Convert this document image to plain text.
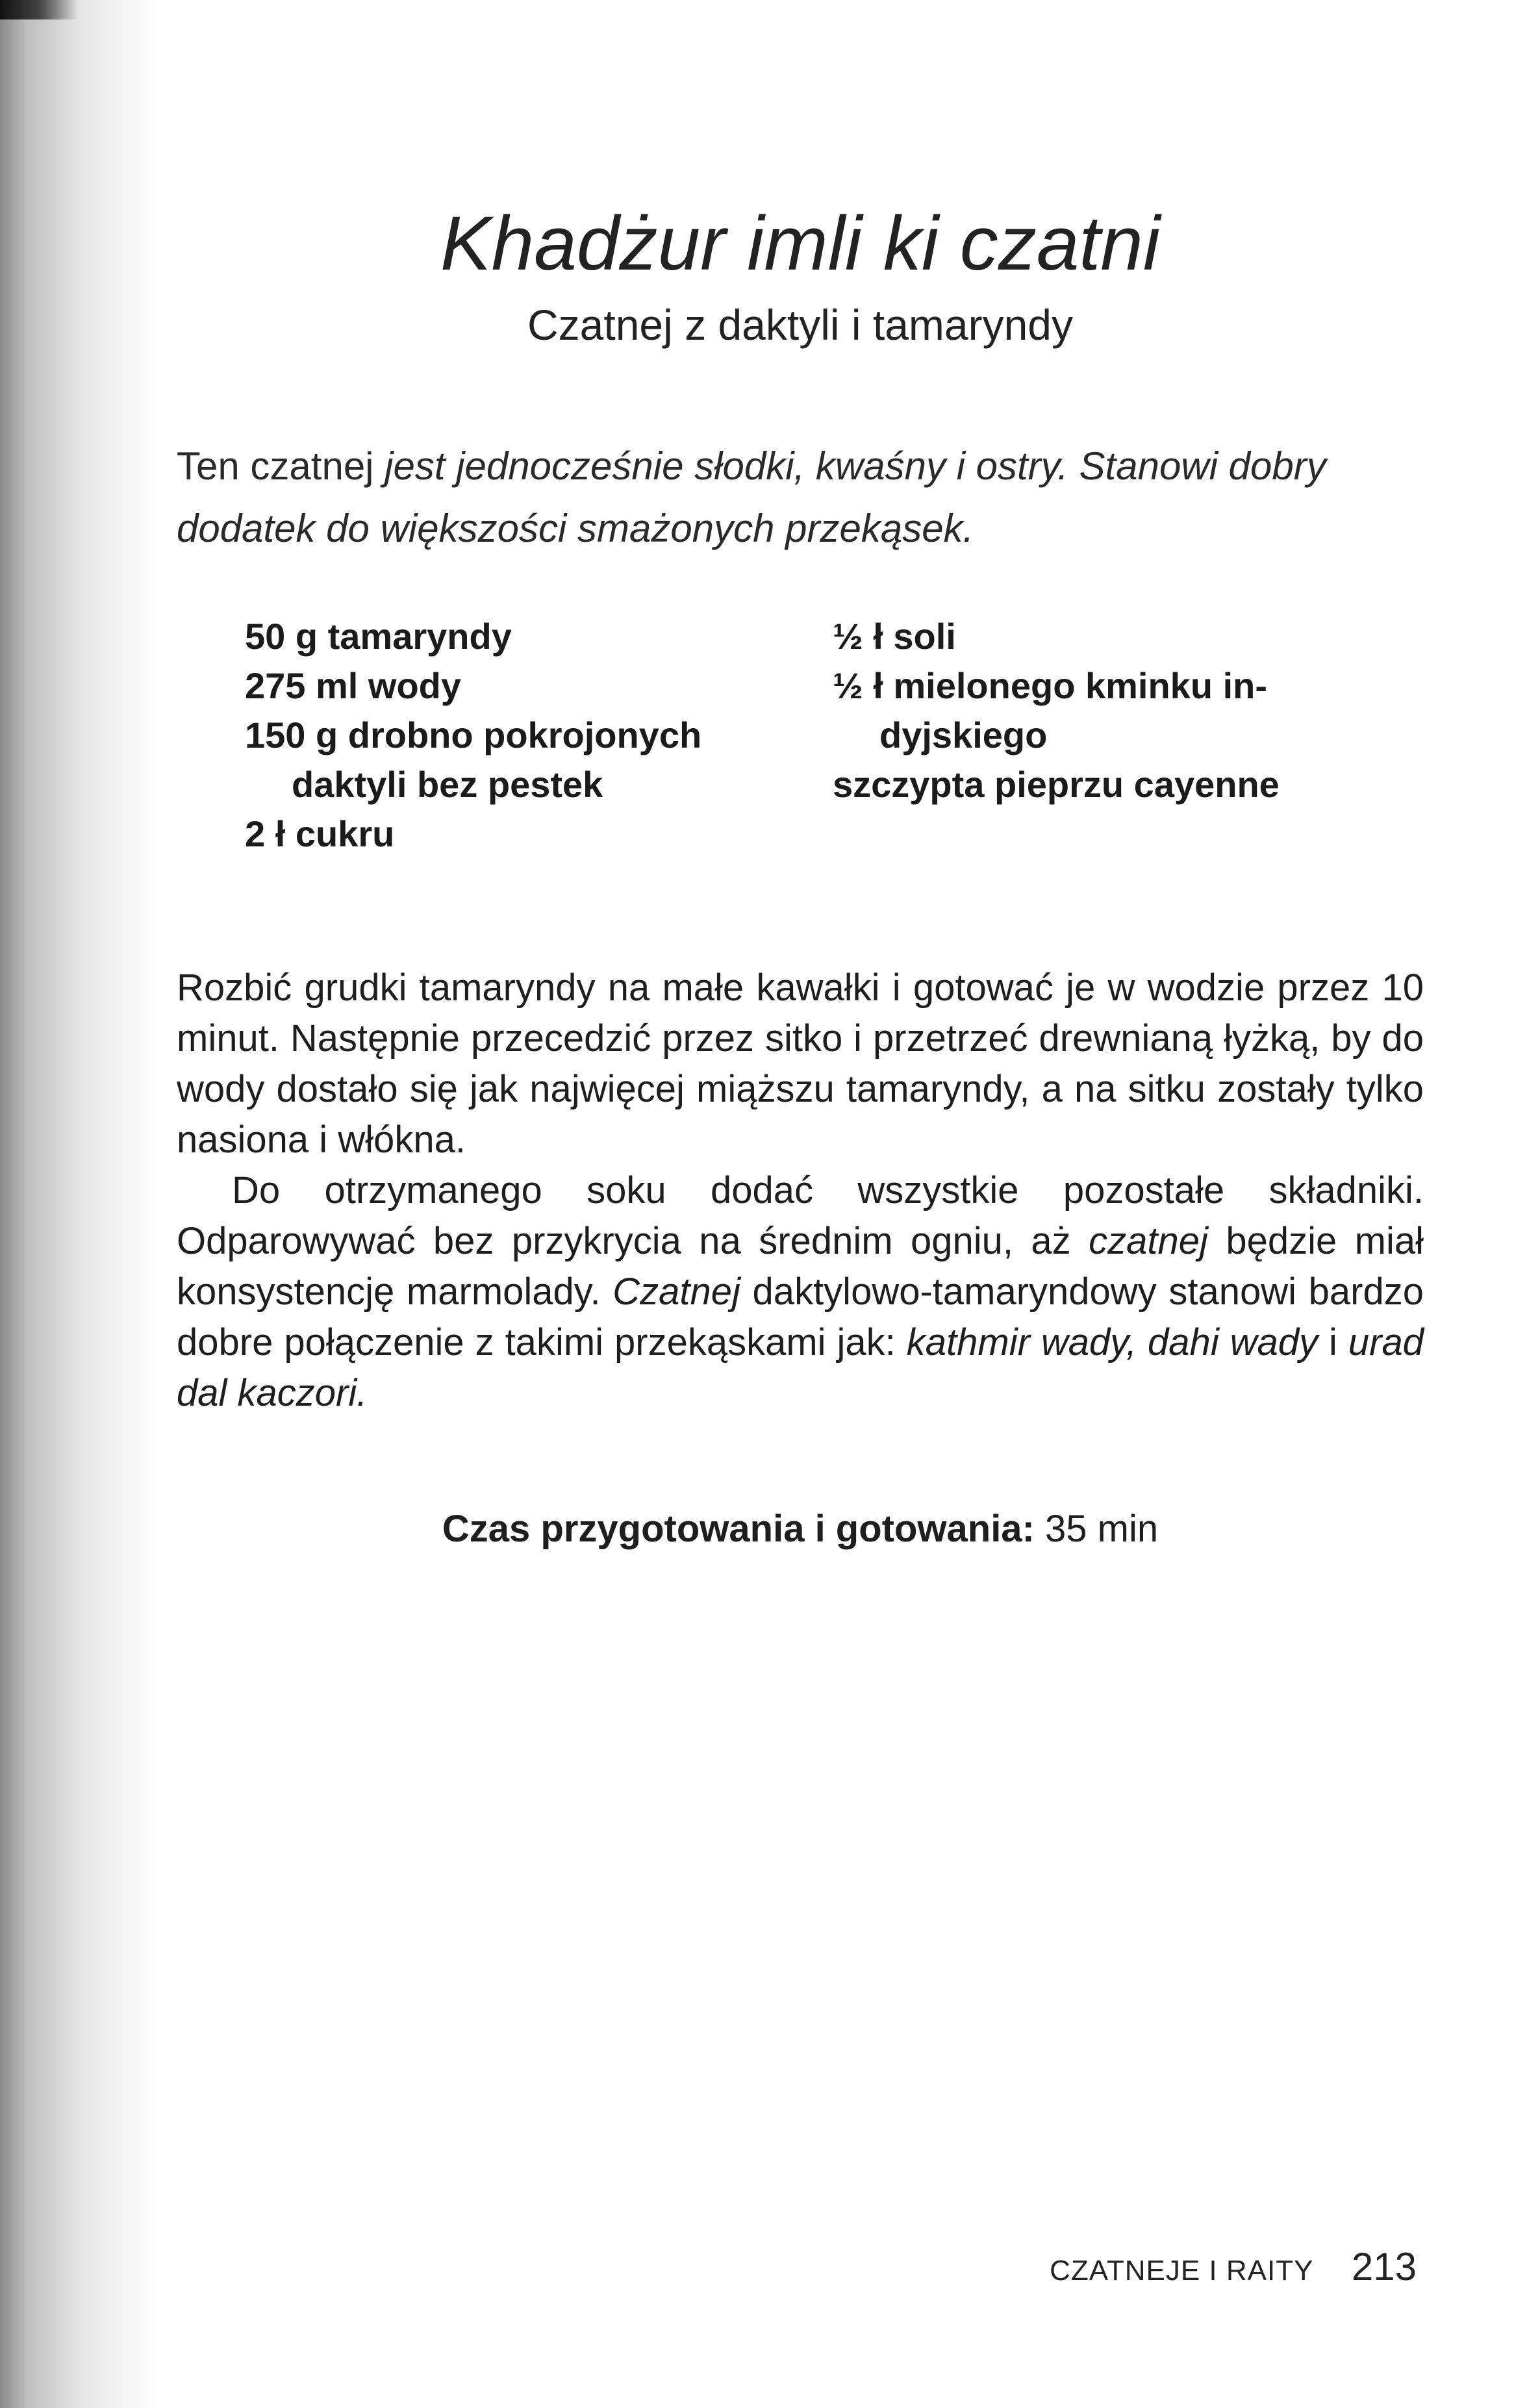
Khadżur imli ki czatni
Czatnej z daktyli i tamaryndy

Ten czatnej jest jednocześnie słodki, kwaśny i ostry. Stanowi dobry dodatek do większości smażonych przekąsek.

50 g tamaryndy
275 ml wody
150 g drobno pokrojonych
daktyli bez pestek
2 ł cukru
½ ł soli
½ ł mielonego kminku in-
dyjskiego
szczypta pieprzu cayenne

Rozbić grudki tamaryndy na małe kawałki i gotować je w wodzie przez 10 minut. Następnie przecedzić przez sitko i przetrzeć drewnianą łyżką, by do wody dostało się jak najwięcej miąższu tamaryndy, a na sitku zostały tylko nasiona i włókna.

Do otrzymanego soku dodać wszystkie pozostałe składniki. Odparowywać bez przykrycia na średnim ogniu, aż czatnej będzie miał konsystencję marmolady. Czatnej daktylowo-tamaryndowy stanowi bardzo dobre połączenie z takimi przekąskami jak: kathmir wady, dahi wady i urad dal kaczori.

Czas przygotowania i gotowania: 35 min
CZATNEJE I RAITY 213
